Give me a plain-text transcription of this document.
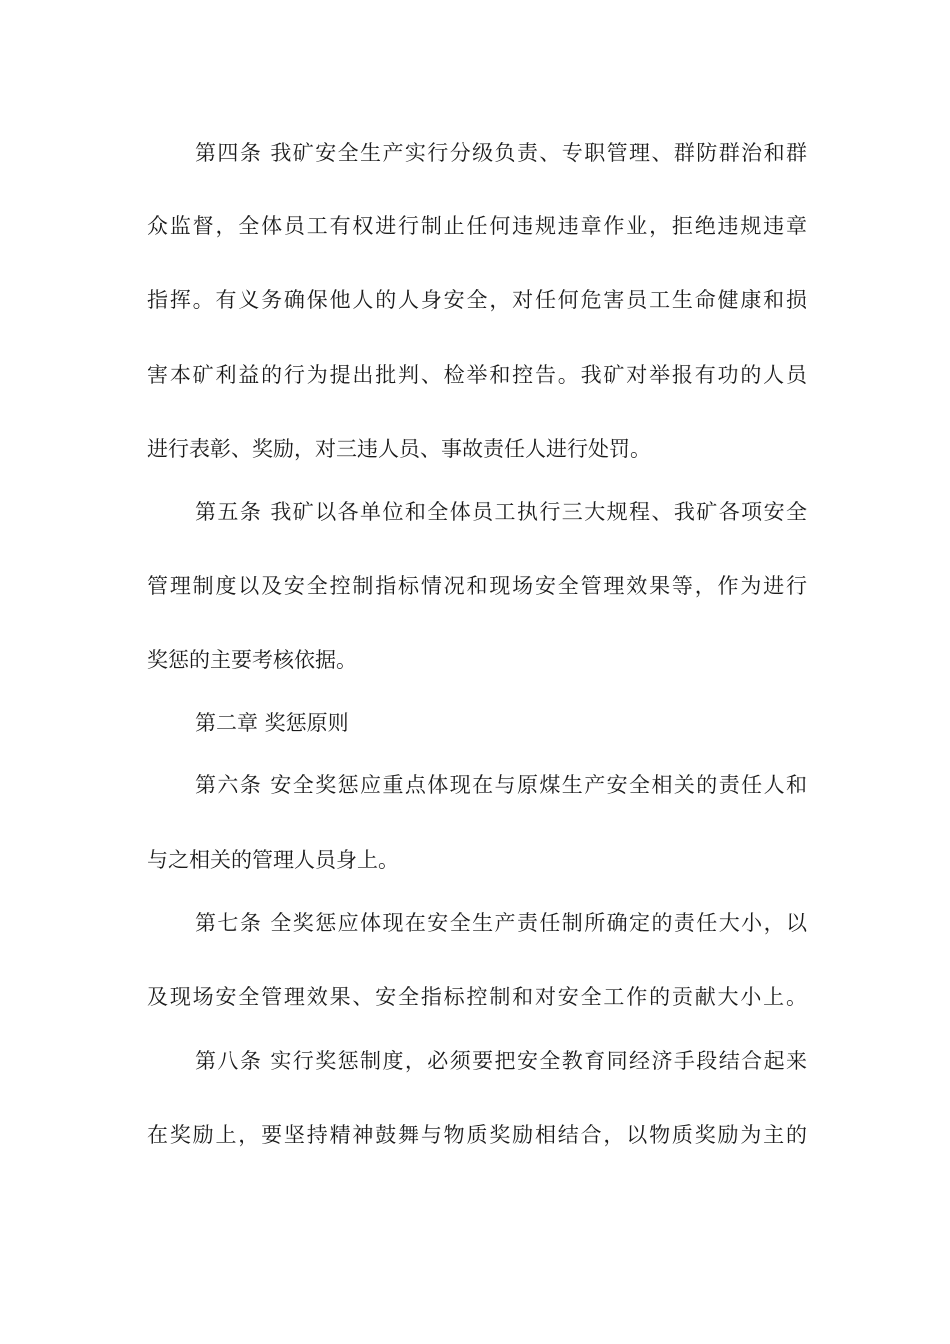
第四条 我矿安全生产实行分级负责、专职管理、群防群治和群
众监督，全体员工有权进行制止任何违规违章作业，拒绝违规违章
指挥。有义务确保他人的人身安全，对任何危害员工生命健康和损
害本矿利益的行为提出批判、检举和控告。我矿对举报有功的人员
进行表彰、奖励，对三违人员、事故责任人进行处罚。
第五条 我矿以各单位和全体员工执行三大规程、我矿各项安全
管理制度以及安全控制指标情况和现场安全管理效果等，作为进行
奖惩的主要考核依据。
第二章 奖惩原则
第六条 安全奖惩应重点体现在与原煤生产安全相关的责任人和
与之相关的管理人员身上。
第七条 全奖惩应体现在安全生产责任制所确定的责任大小，以
及现场安全管理效果、安全指标控制和对安全工作的贡献大小上。
第八条 实行奖惩制度，必须要把安全教育同经济手段结合起来
在奖励上，要坚持精神鼓舞与物质奖励相结合，以物质奖励为主的
